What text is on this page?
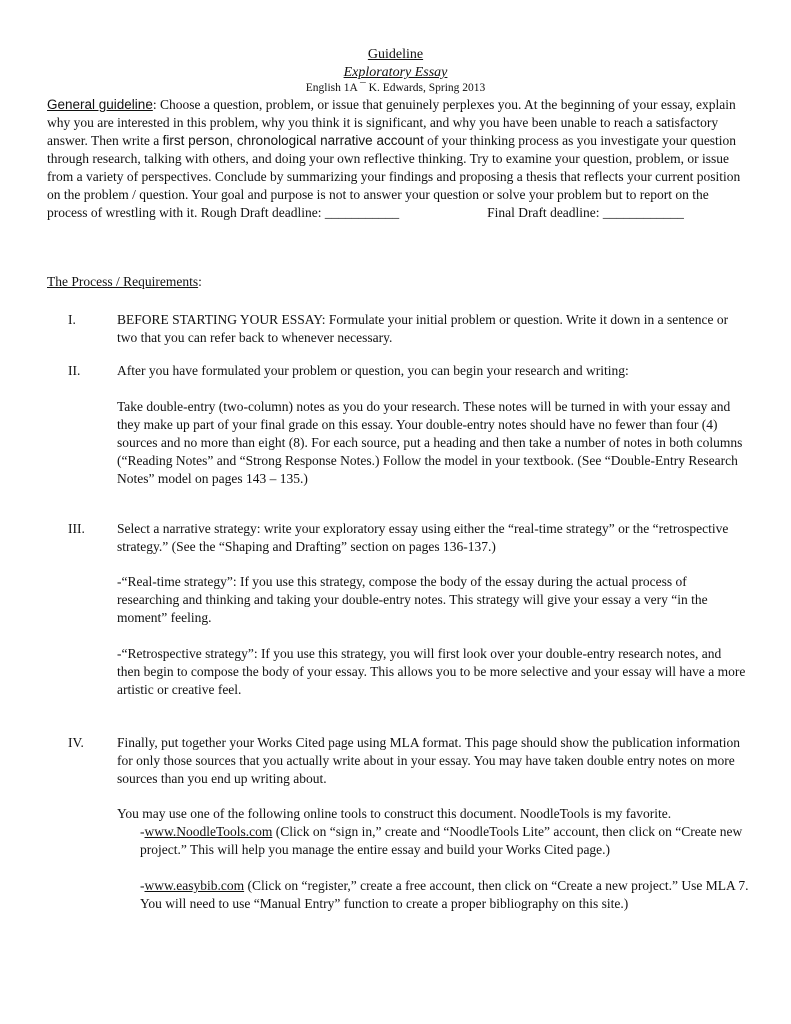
Guideline
Exploratory Essay
English 1A ¯ K. Edwards, Spring 2013
General guideline: Choose a question, problem, or issue that genuinely perplexes you. At the beginning of your essay, explain why you are interested in this problem, why you think it is significant, and why you have been unable to reach a satisfactory answer. Then write a first person, chronological narrative account of your thinking process as you investigate your question through research, talking with others, and doing your own reflective thinking. Try to examine your question, problem, or issue from a variety of perspectives. Conclude by summarizing your findings and proposing a thesis that reflects your current position on the problem / question. Your goal and purpose is not to answer your question or solve your problem but to report on the process of wrestling with it. Rough Draft deadline: ___________	Final Draft deadline: ____________
The Process / Requirements:
I.	BEFORE STARTING YOUR ESSAY: Formulate your initial problem or question. Write it down in a sentence or two that you can refer back to whenever necessary.
II.	After you have formulated your problem or question, you can begin your research and writing:
Take double-entry (two-column) notes as you do your research. These notes will be turned in with your essay and they make up part of your final grade on this essay. Your double-entry notes should have no fewer than four (4) sources and no more than eight (8). For each source, put a heading and then take a number of notes in both columns (“Reading Notes” and “Strong Response Notes.) Follow the model in your textbook. (See “Double-Entry Research Notes” model on pages 143 – 135.)
III. Select a narrative strategy: write your exploratory essay using either the “real-time strategy” or the “retrospective strategy.” (See the “Shaping and Drafting” section on pages 136-137.)
-“Real-time strategy”: If you use this strategy, compose the body of the essay during the actual process of researching and thinking and taking your double-entry notes. This strategy will give your essay a very “in the moment” feeling.
-“Retrospective strategy”: If you use this strategy, you will first look over your double-entry research notes, and then begin to compose the body of your essay. This allows you to be more selective and your essay will have a more artistic or creative feel.
IV. Finally, put together your Works Cited page using MLA format. This page should show the publication information for only those sources that you actually write about in your essay. You may have taken double entry notes on more sources than you end up writing about.
You may use one of the following online tools to construct this document. NoodleTools is my favorite.
-www.NoodleTools.com (Click on “sign in,” create and “NoodleTools Lite” account, then click on “Create new project.” This will help you manage the entire essay and build your Works Cited page.)
-www.easybib.com (Click on “register,” create a free account, then click on “Create a new project.” Use MLA 7. You will need to use “Manual Entry” function to create a proper bibliography on this site.)
